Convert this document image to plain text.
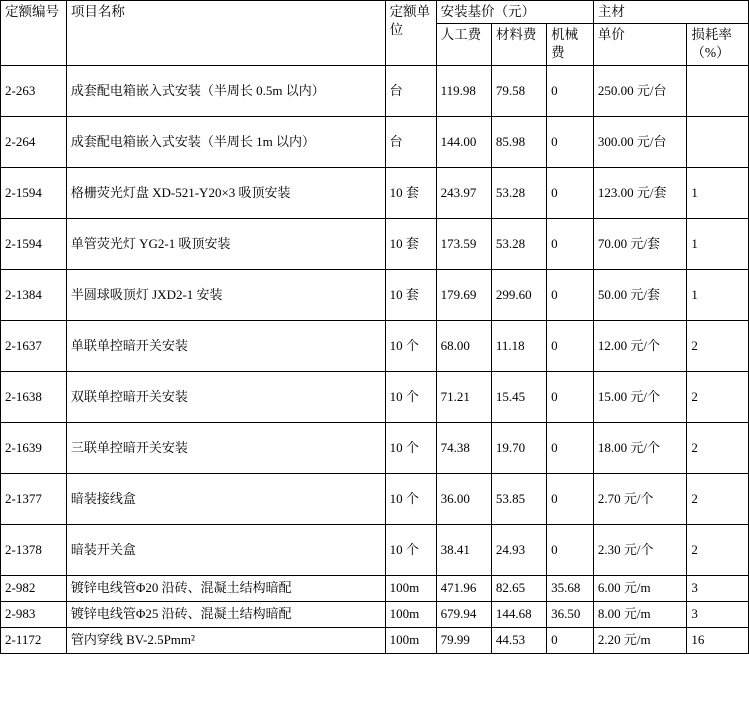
定额编号	项目名称	定额单位	安装基价（元）			主材	
			人工费	材料费	机械费	单价	损耗率（%）
2-263	成套配电箱嵌入式安装（半周长 0.5m 以内）	台	119.98	79.58	0	250.00 元/台	
2-264	成套配电箱嵌入式安装（半周长 1m 以内）	台	144.00	85.98	0	300.00 元/台	
2-1594	格栅荧光灯盘 XD-521-Y20×3 吸顶安装	10 套	243.97	53.28	0	123.00 元/套	1
2-1594	单管荧光灯 YG2-1 吸顶安装	10 套	173.59	53.28	0	70.00 元/套	1
2-1384	半圆球吸顶灯 JXD2-1 安装	10 套	179.69	299.60	0	50.00 元/套	1
2-1637	单联单控暗开关安装	10 个	68.00	11.18	0	12.00 元/个	2
2-1638	双联单控暗开关安装	10 个	71.21	15.45	0	15.00 元/个	2
2-1639	三联单控暗开关安装	10 个	74.38	19.70	0	18.00 元/个	2
2-1377	暗装接线盒	10 个	36.00	53.85	0	2.70 元/个	2
2-1378	暗装开关盒	10 个	38.41	24.93	0	2.30 元/个	2
2-982	镀锌电线管Φ20 沿砖、混凝土结构暗配	100m	471.96	82.65	35.68	6.00 元/m	3
2-983	镀锌电线管Φ25 沿砖、混凝土结构暗配	100m	679.94	144.68	36.50	8.00 元/m	3
2-1172	管内穿线 BV-2.5Pmm²	100m	79.99	44.53	0	2.20 元/m	16
